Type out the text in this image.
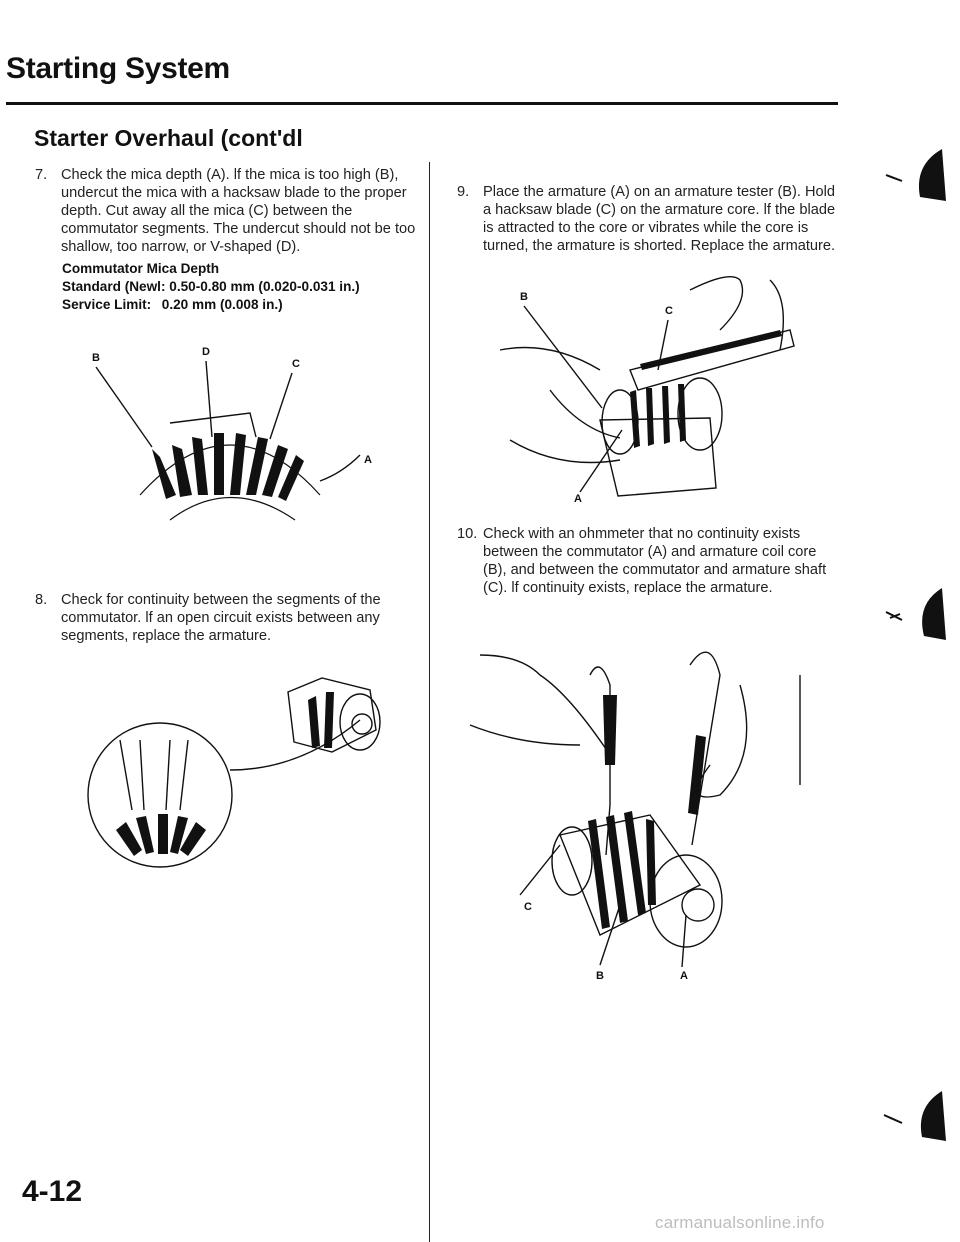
Starting System
Starter Overhaul (cont'dl
7. Check the mica depth (A). lf the mica is too high (B), undercut the mica with a hacksaw blade to the proper depth. Cut away all the mica (C) between the commutator segments. The undercut should not be too shallow, too narrow, or V-shaped (D).

Commutator Mica Depth
Standard (Newl: 0.50-0.80 mm (0.020-0.031 in.)
Service Limit: 0.20 mm (0.008 in.)
B	D
C
A
8. Check for continuity between the segments of the commutator. lf an open circuit exists between any segments, replace the armature.

9. Place the armature (A) on an armature tester (B). Hold a hacksaw blade (C) on the armature core. lf the blade is attracted to the core or vibrates while the core is turned, the armature is shorted. Replace the armature.

B
C
A
10. Check with an ohmmeter that no continuity exists between the commutator (A) and armature coil core (B), and between the commutator and armature shaft (C). lf continuity exists, replace the armature.

C
B	A
4-12
carmanualsonline.info
